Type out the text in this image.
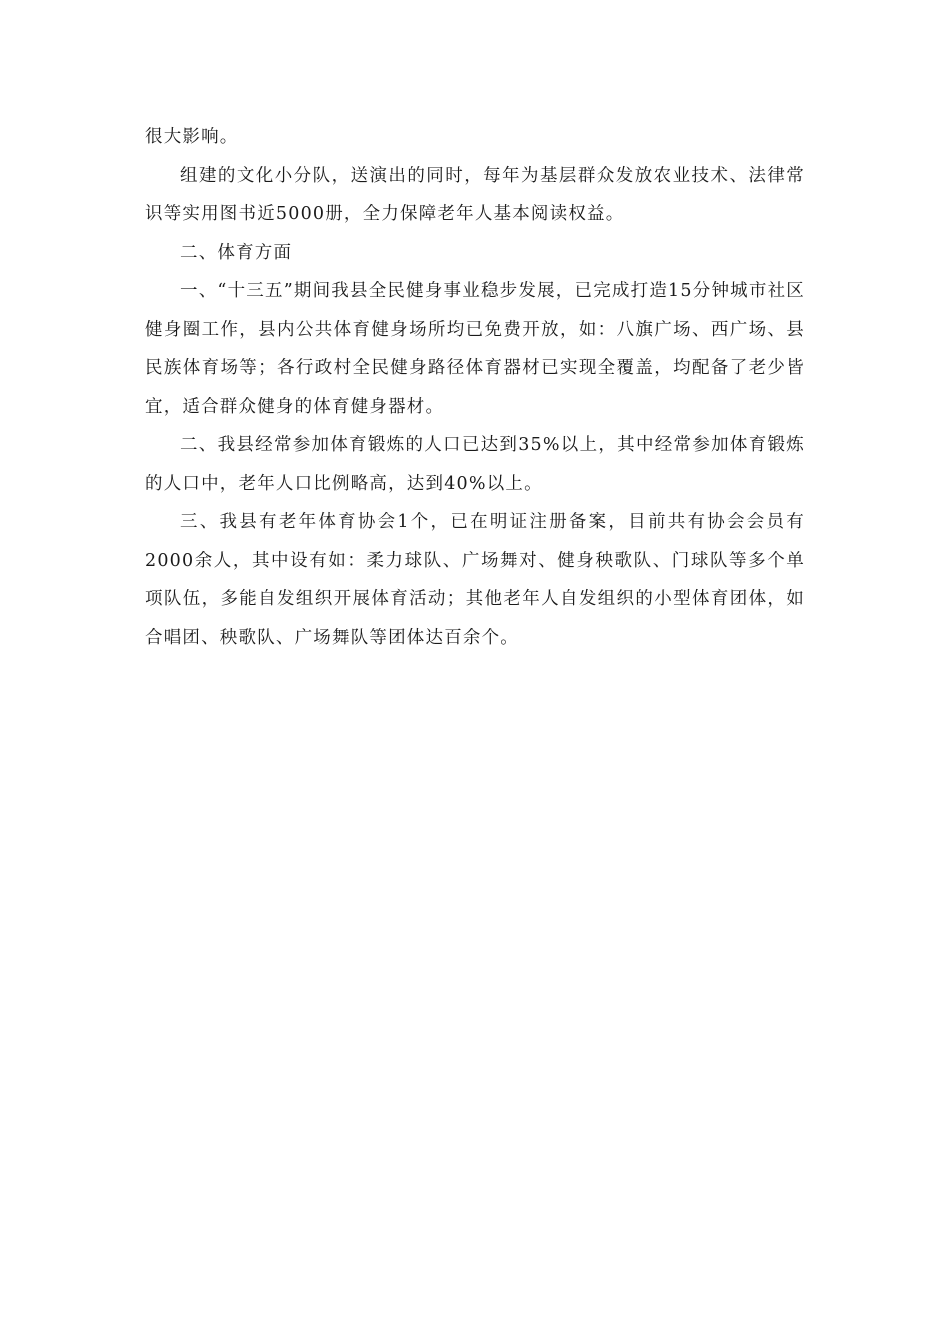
很大影响。

组建的文化小分队，送演出的同时，每年为基层群众发放农业技术、法律常识等实用图书近5000册，全力保障老年人基本阅读权益。

二、体育方面

一、“十三五”期间我县全民健身事业稳步发展，已完成打造15分钟城市社区健身圈工作，县内公共体育健身场所均已免费开放，如：八旗广场、西广场、县民族体育场等；各行政村全民健身路径体育器材已实现全覆盖，均配备了老少皆宜，适合群众健身的体育健身器材。

二、我县经常参加体育锻炼的人口已达到35%以上，其中经常参加体育锻炼的人口中，老年人口比例略高，达到40%以上。

三、我县有老年体育协会1个，已在明证注册备案，目前共有协会会员有2000余人，其中设有如：柔力球队、广场舞对、健身秧歌队、门球队等多个单项队伍，多能自发组织开展体育活动；其他老年人自发组织的小型体育团体，如合唱团、秧歌队、广场舞队等团体达百余个。
